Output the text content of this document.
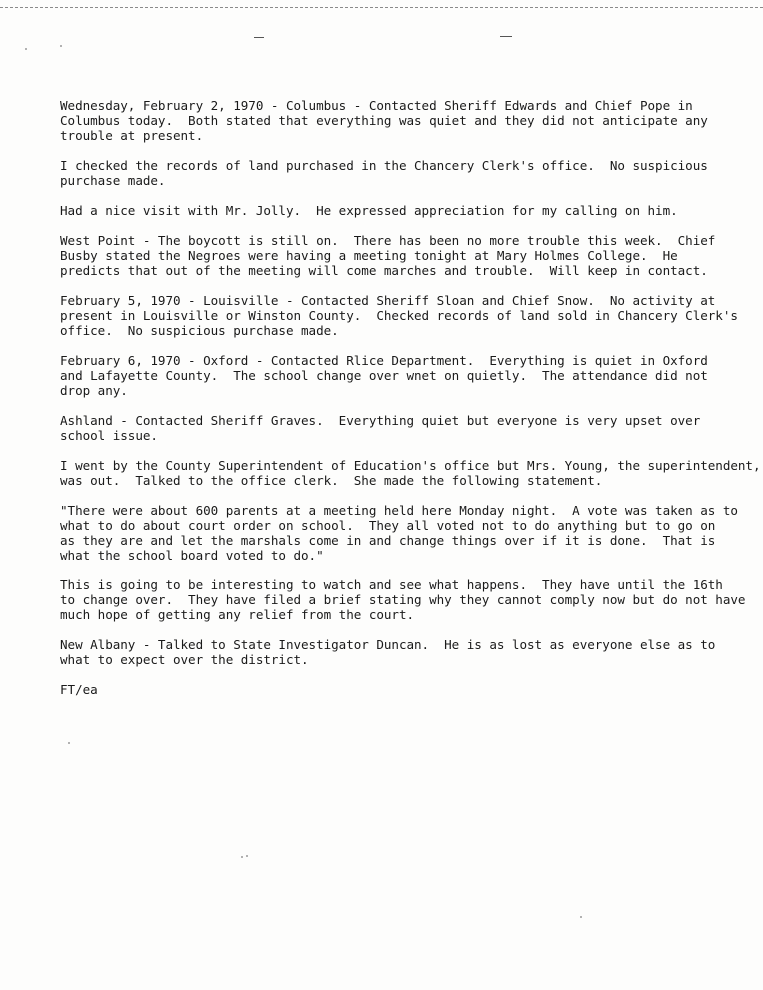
Wednesday, February 2, 1970 - Columbus - Contacted Sheriff Edwards and Chief Pope in
Columbus today.  Both stated that everything was quiet and they did not anticipate any
trouble at present.

I checked the records of land purchased in the Chancery Clerk's office.  No suspicious
purchase made.

Had a nice visit with Mr. Jolly.  He expressed appreciation for my calling on him.

West Point - The boycott is still on.  There has been no more trouble this week.  Chief
Busby stated the Negroes were having a meeting tonight at Mary Holmes College.  He
predicts that out of the meeting will come marches and trouble.  Will keep in contact.

February 5, 1970 - Louisville - Contacted Sheriff Sloan and Chief Snow.  No activity at
present in Louisville or Winston County.  Checked records of land sold in Chancery Clerk's
office.  No suspicious purchase made.

February 6, 1970 - Oxford - Contacted Rlice Department.  Everything is quiet in Oxford
and Lafayette County.  The school change over wnet on quietly.  The attendance did not
drop any.

Ashland - Contacted Sheriff Graves.  Everything quiet but everyone is very upset over
school issue.

I went by the County Superintendent of Education's office but Mrs. Young, the superintendent,
was out.  Talked to the office clerk.  She made the following statement.

"There were about 600 parents at a meeting held here Monday night.  A vote was taken as to
what to do about court order on school.  They all voted not to do anything but to go on
as they are and let the marshals come in and change things over if it is done.  That is
what the school board voted to do."

This is going to be interesting to watch and see what happens.  They have until the 16th
to change over.  They have filed a brief stating why they cannot comply now but do not have
much hope of getting any relief from the court.

New Albany - Talked to State Investigator Duncan.  He is as lost as everyone else as to
what to expect over the district.

FT/ea
